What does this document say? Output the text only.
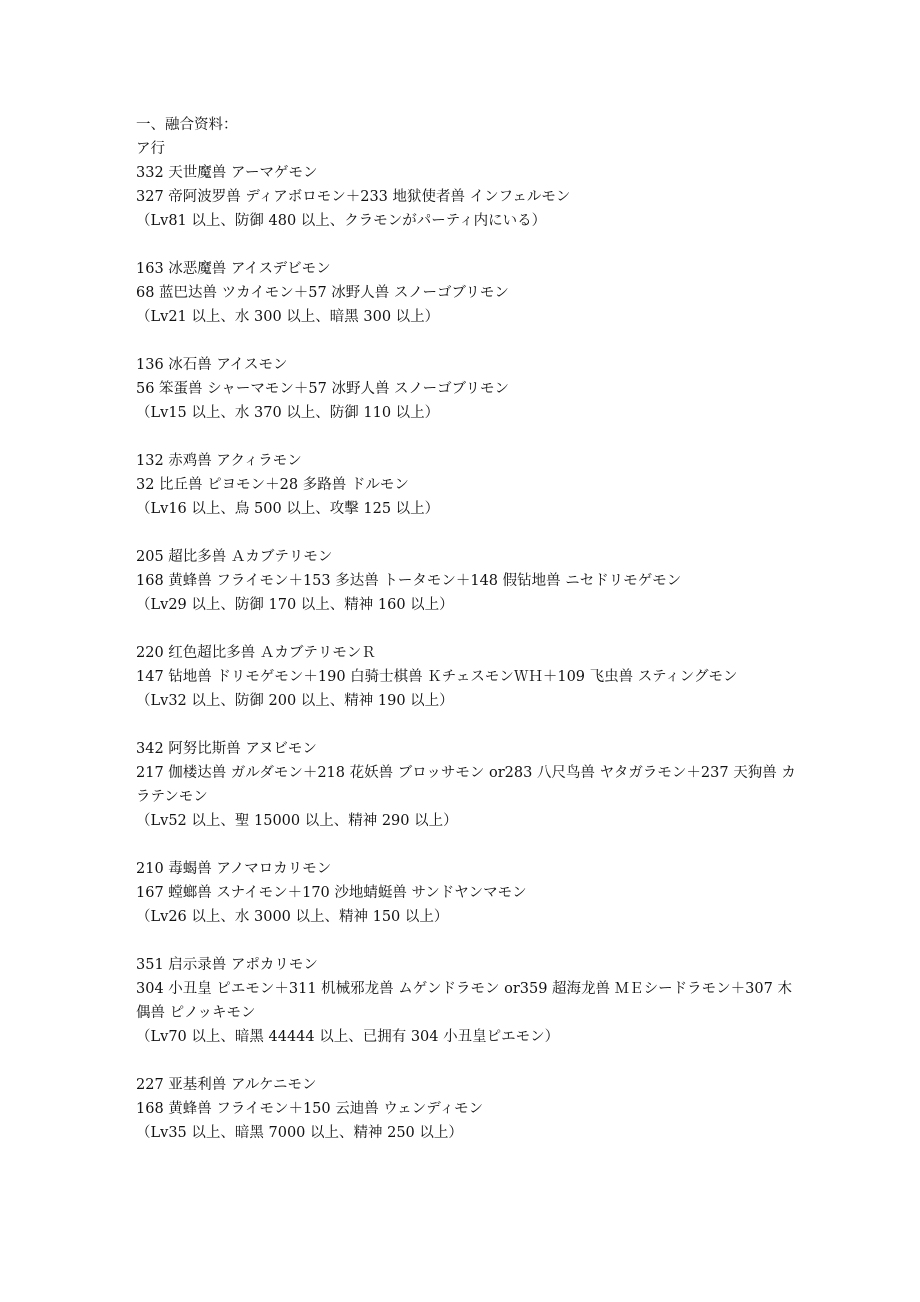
一、融合资料：
ア行
332 天世魔兽 アーマゲモン
327 帝阿波罗兽 ディアボロモン＋233 地狱使者兽 インフェルモン
（Lv81 以上、防御 480 以上、クラモンがパーティ内にいる）
163 冰恶魔兽 アイスデビモン
68 蓝巴达兽 ツカイモン＋57 冰野人兽 スノーゴブリモン
（Lv21 以上、水 300 以上、暗黑 300 以上）
136 冰石兽 アイスモン
56 笨蛋兽 シャーマモン＋57 冰野人兽 スノーゴブリモン
（Lv15 以上、水 370 以上、防御 110 以上）
132 赤鸡兽 アクィラモン
32 比丘兽 ピヨモン＋28 多路兽 ドルモン
（Lv16 以上、鳥 500 以上、攻擊 125 以上）
205 超比多兽 Ａカブテリモン
168 黄蜂兽 フライモン＋153 多达兽 トータモン＋148 假钻地兽 ニセドリモゲモン
（Lv29 以上、防御 170 以上、精神 160 以上）
220 红色超比多兽 ＡカブテリモンＲ
147 钻地兽 ドリモゲモン＋190 白骑士棋兽 ＫチェスモンＷＨ＋109 飞虫兽 スティングモン
（Lv32 以上、防御 200 以上、精神 190 以上）
342 阿努比斯兽 アヌビモン
217 伽楼达兽 ガルダモン＋218 花妖兽 ブロッサモン or283 八尺鸟兽 ヤタガラモン＋237 天狗兽 カラテンモン
（Lv52 以上、聖 15000 以上、精神 290 以上）
210 毒蝎兽 アノマロカリモン
167 螳螂兽 スナイモン＋170 沙地蜻蜓兽 サンドヤンマモン
（Lv26 以上、水 3000 以上、精神 150 以上）
351 启示录兽 アポカリモン
304 小丑皇 ピエモン＋311 机械邪龙兽 ムゲンドラモン or359 超海龙兽 ＭＥシードラモン＋307 木偶兽 ピノッキモン
（Lv70 以上、暗黑 44444 以上、已拥有 304 小丑皇ピエモン）
227 亚基利兽 アルケニモン
168 黄蜂兽 フライモン＋150 云迪兽 ウェンディモン
（Lv35 以上、暗黑 7000 以上、精神 250 以上）
